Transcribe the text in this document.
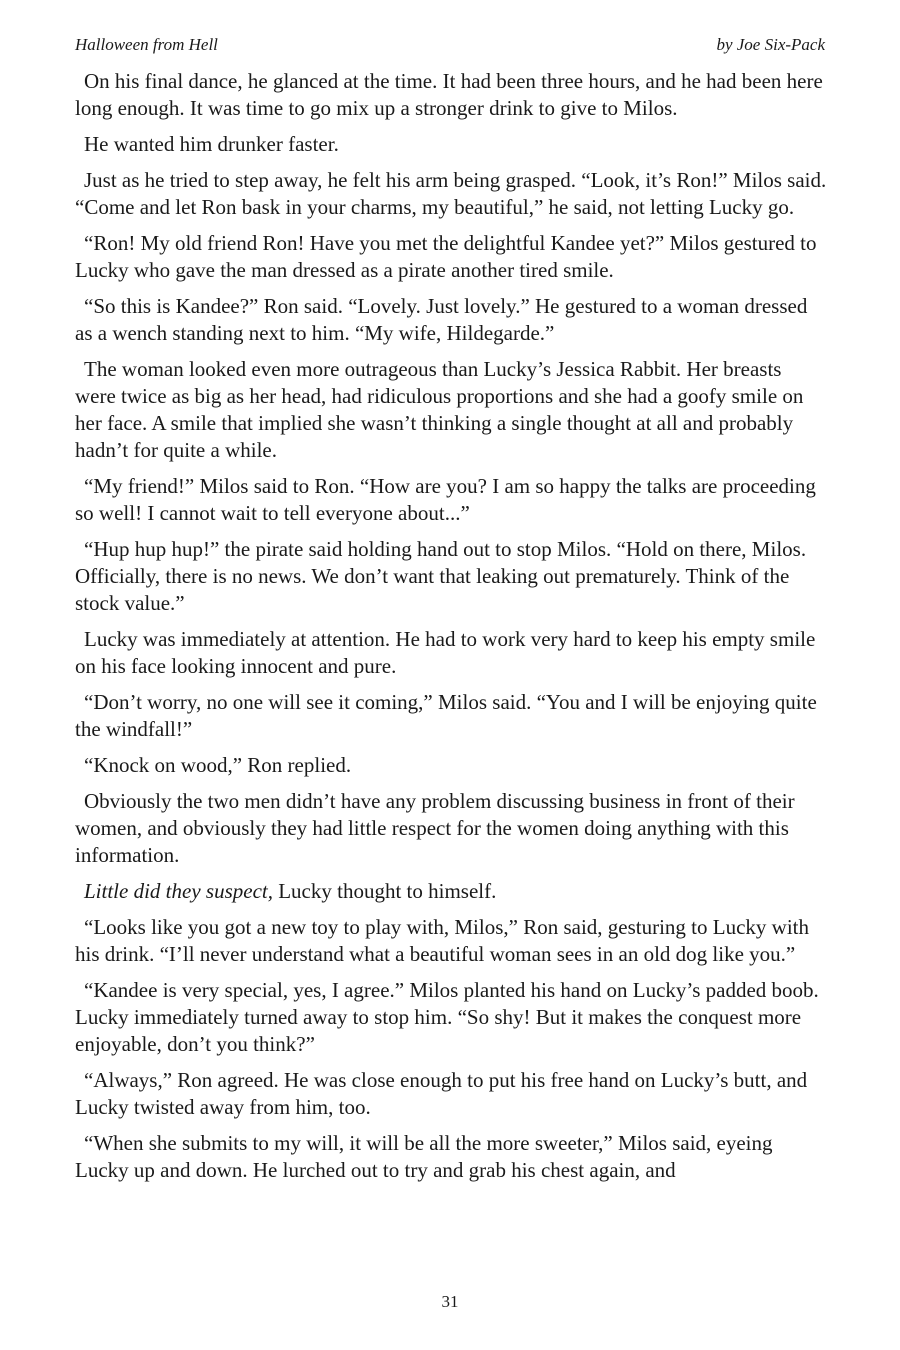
Halloween from Hell	by Joe Six-Pack

On his final dance, he glanced at the time. It had been three hours, and he had been here long enough. It was time to go mix up a stronger drink to give to Milos.

He wanted him drunker faster.

Just as he tried to step away, he felt his arm being grasped. “Look, it’s Ron!” Milos said. “Come and let Ron bask in your charms, my beautiful,” he said, not letting Lucky go.

“Ron! My old friend Ron! Have you met the delightful Kandee yet?” Milos gestured to Lucky who gave the man dressed as a pirate another tired smile.

“So this is Kandee?” Ron said. “Lovely. Just lovely.” He gestured to a woman dressed as a wench standing next to him. “My wife, Hildegarde.”

The woman looked even more outrageous than Lucky’s Jessica Rabbit. Her breasts were twice as big as her head, had ridiculous proportions and she had a goofy smile on her face. A smile that implied she wasn’t thinking a single thought at all and probably hadn’t for quite a while.

“My friend!” Milos said to Ron. “How are you? I am so happy the talks are proceeding so well! I cannot wait to tell everyone about...”

“Hup hup hup!” the pirate said holding hand out to stop Milos. “Hold on there, Milos. Officially, there is no news. We don’t want that leaking out prematurely. Think of the stock value.”

Lucky was immediately at attention. He had to work very hard to keep his empty smile on his face looking innocent and pure.

“Don’t worry, no one will see it coming,” Milos said. “You and I will be enjoying quite the windfall!”

“Knock on wood,” Ron replied.

Obviously the two men didn’t have any problem discussing business in front of their women, and obviously they had little respect for the women doing anything with this information.

Little did they suspect, Lucky thought to himself.

“Looks like you got a new toy to play with, Milos,” Ron said, gesturing to Lucky with his drink. “I’ll never understand what a beautiful woman sees in an old dog like you.”

“Kandee is very special, yes, I agree.” Milos planted his hand on Lucky’s padded boob. Lucky immediately turned away to stop him. “So shy! But it makes the conquest more enjoyable, don’t you think?”

“Always,” Ron agreed. He was close enough to put his free hand on Lucky’s butt, and Lucky twisted away from him, too.

“When she submits to my will, it will be all the more sweeter,” Milos said, eyeing Lucky up and down. He lurched out to try and grab his chest again, and

31
